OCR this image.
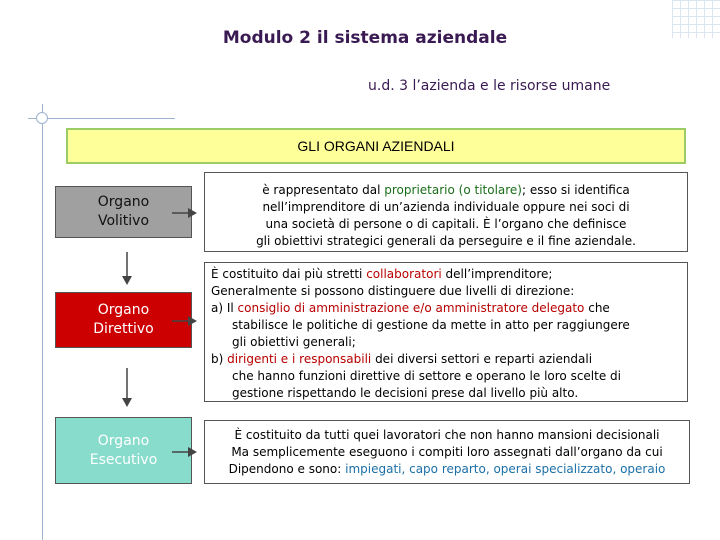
Modulo 2 il sistema aziendale
u.d. 3 l’azienda e le risorse umane
GLI ORGANI AZIENDALI
Organo
Volitivo
Organo
Direttivo
Organo
Esecutivo
è rappresentato dal proprietario (o titolare); esso si identifica
nell’imprenditore di un’azienda individuale oppure nei soci di
una società di persone o di capitali. È l’organo che definisce
gli obiettivi strategici generali da perseguire e il fine aziendale.
È costituito dai più stretti collaboratori dell’imprenditore;
Generalmente si possono distinguere due livelli di direzione:
a) Il consiglio di amministrazione e/o amministratore delegato che
stabilisce le politiche di gestione da mette in atto per raggiungere
gli obiettivi generali;
b) dirigenti e i responsabili dei diversi settori e reparti aziendali
che hanno funzioni direttive di settore e operano le loro scelte di
gestione rispettando le decisioni prese dal livello più alto.
È costituito da tutti quei lavoratori che non hanno mansioni decisionali
Ma semplicemente eseguono i compiti loro assegnati dall’organo da cui
Dipendono e sono: impiegati, capo reparto, operai specializzato, operaio
